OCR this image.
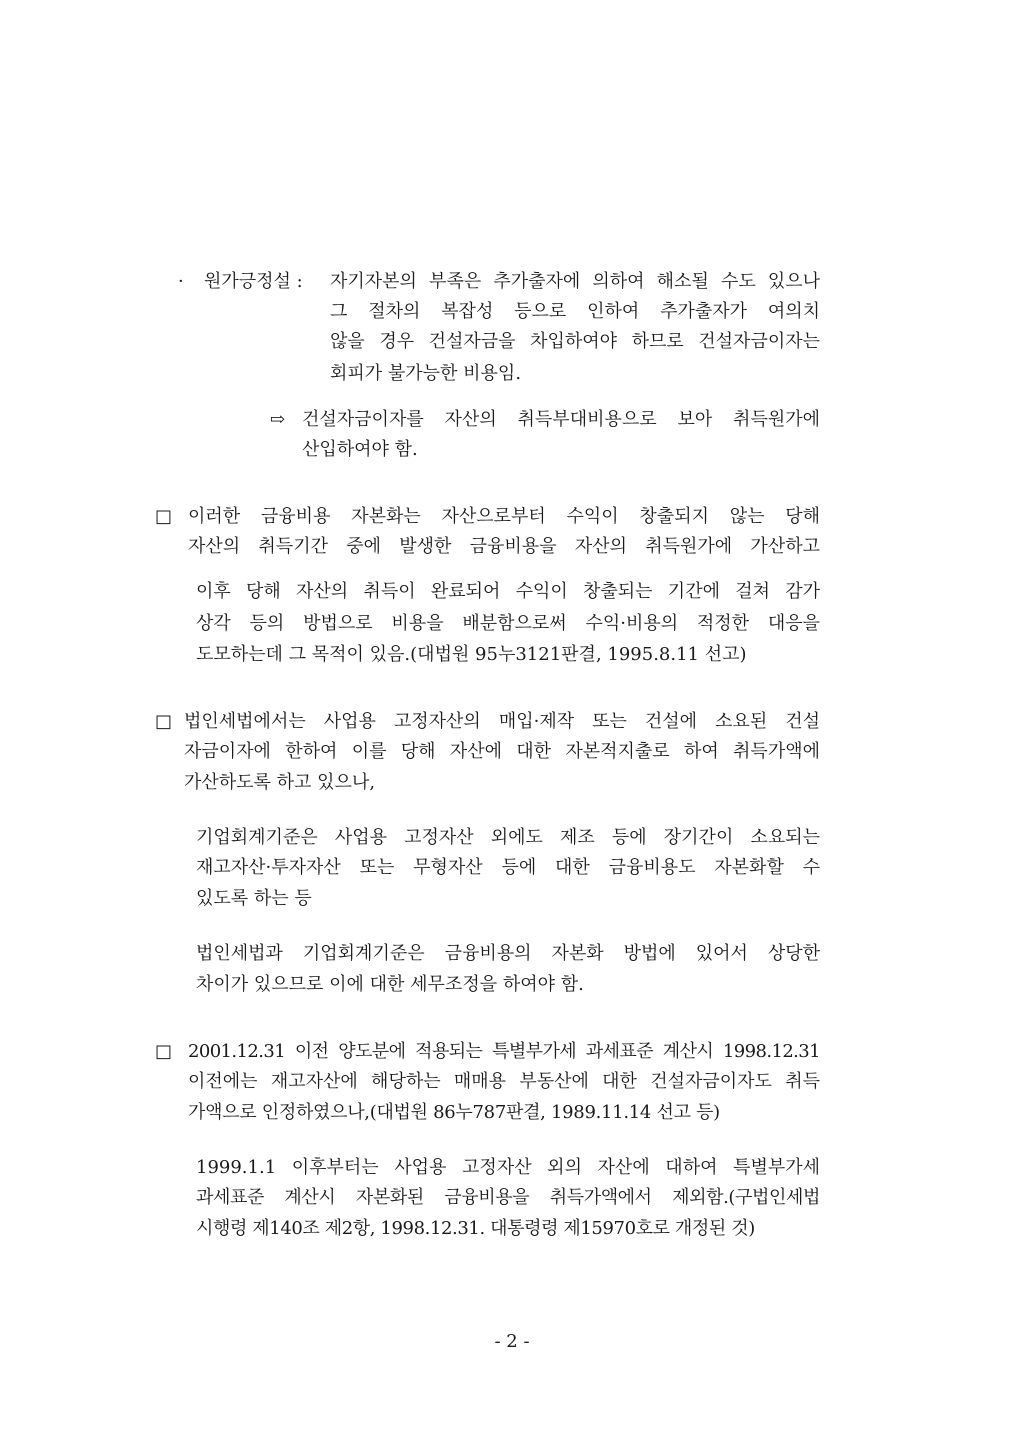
· 원가긍정설 : 자기자본의 부족은 추가출자에 의하여 해소될 수도 있으나
그 절차의 복잡성 등으로 인하여 추가출자가 여의치
않을 경우 건설자금을 차입하여야 하므로 건설자금이자는
회피가 불가능한 비용임.
⇨ 건설자금이자를 자산의 취득부대비용으로 보아 취득원가에
산입하여야 함.
□ 이러한 금융비용 자본화는 자산으로부터 수익이 창출되지 않는 당해
자산의 취득기간 중에 발생한 금융비용을 자산의 취득원가에 가산하고
이후 당해 자산의 취득이 완료되어 수익이 창출되는 기간에 걸쳐 감가
상각 등의 방법으로 비용을 배분함으로써 수익·비용의 적정한 대응을
도모하는데 그 목적이 있음.(대법원 95누3121판결, 1995.8.11 선고)
□ 법인세법에서는 사업용 고정자산의 매입·제작 또는 건설에 소요된 건설
자금이자에 한하여 이를 당해 자산에 대한 자본적지출로 하여 취득가액에
가산하도록 하고 있으나,
기업회계기준은 사업용 고정자산 외에도 제조 등에 장기간이 소요되는
재고자산·투자자산 또는 무형자산 등에 대한 금융비용도 자본화할 수
있도록 하는 등
법인세법과 기업회계기준은 금융비용의 자본화 방법에 있어서 상당한
차이가 있으므로 이에 대한 세무조정을 하여야 함.
□ 2001.12.31 이전 양도분에 적용되는 특별부가세 과세표준 계산시 1998.12.31
이전에는 재고자산에 해당하는 매매용 부동산에 대한 건설자금이자도 취득
가액으로 인정하였으나,(대법원 86누787판결, 1989.11.14 선고 등)
1999.1.1 이후부터는 사업용 고정자산 외의 자산에 대하여 특별부가세
과세표준 계산시 자본화된 금융비용을 취득가액에서 제외함.(구법인세법
시행령 제140조 제2항, 1998.12.31. 대통령령 제15970호로 개정된 것)
- 2 -
